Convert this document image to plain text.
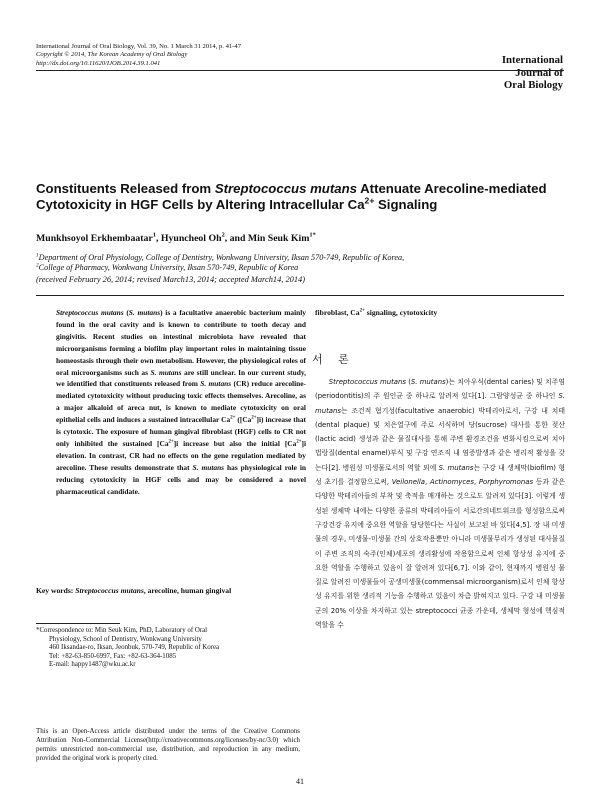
International Journal of Oral Biology, Vol. 39, No. 1 March 31 2014, p. 41-47
Copyright © 2014, The Korean Academy of Oral Biology
http://dx.doi.org/10.11620/IJOB.2014.39.1.041	International
Journal of
Oral Biology
Constituents Released from Streptococcus mutans Attenuate Arecoline-mediated Cytotoxicity in HGF Cells by Altering Intracellular $Ca^{2+}$ Signaling
Munkhsoyol Erkhembaatar$^1$, Hyuncheol Oh$^2$, and Min Seuk Kim$^{1*}$
$^1$Department of Oral Physiology, College of Dentistry, Wonkwang University, Iksan 570-749, Republic of Korea,
$^2$College of Pharmacy, Wonkwang University, Iksan 570-749, Republic of Korea
(received February 26, 2014; revised March13, 2014; accepted March14, 2014)
Streptococcus mutans (S. mutans) is a facultative anaerobic bacterium mainly found in the oral cavity and is known to contribute to tooth decay and gingivitis. Recent studies on intestinal microbiota have revealed that microorganisms forming a biofilm play important roles in maintaining tissue homeostasis through their own metabolism. However, the physiological roles of oral microorganisms such as S. mutans are still unclear. In our current study, we identified that constituents released from S. mutans (CR) reduce arecoline-mediated cytotoxicity without producing toxic effects themselves. Arecoline, as a major alkaloid of areca nut, is known to mediate cytotoxicity on oral epithelial cells and induces a sustained intracellular $Ca^{2+}$ $([Ca^{2+}]i)$ increase that is cytotoxic. The exposure of human gingival fibroblast (HGF) cells to CR not only inhibited the sustained $[Ca^{2+}]i$ increase but also the initial $[Ca^{2+}]i$ elevation. In contrast, CR had no effects on the gene regulation mediated by arecoline. These results demonstrate that S. mutans has physiological role in reducing cytotoxicity in HGF cells and may be considered a novel pharmaceutical candidate.
Key words: Streptococcus mutans, arecoline, human gingival
fibroblast, $Ca^{2+}$ signaling, cytotoxicity
*Correspondence to: Min Seuk Kim, PhD, Laboratory of Oral
Physiology, School of Dentistry, Wonkwang University
460 Iksandae-ro, Iksan, Jeonbuk, 570-749, Republic of Korea
Tel: +82-63-850-6997, Fax: +82-63-364-1085
E-mail: happy1487@wku.ac.kr
This is an Open-Access article distributed under the terms of the Creative Commons Attribution Non-Commercial License(http://creativecommons.org/licenses/by-nc/3.0) which permits unrestricted non-commercial use, distribution, and reproduction in any medium, provided the original work is properly cited.
서 론
  Streptococcus mutans (S. mutans)는 치아우식(dental caries) 및 치주염(periodontitis)의 주 원인균 중 하나로 알려져 있다[1]. 그람양성균 중 하나인 S. mutans는 조건적 혐기성(facultative anaerobic) 박테리아로서, 구강 내 치태(dental plaque) 및 치은열구에 주로 서식하며 당(sucrose) 대사를 통한 젖산(lactic acid) 생성과 같은 물질대사를 통해 주변 환경조건을 변화시킴으로써 치아법랑질(dental enamel)부식 및 구강 연조직 내 염증발생과 같은 병리적 활성을 갖는다[2]. 병원성 미생물로서의 역할 외에 S. mutans는 구강 내 생체막(biofilm) 형성 초기를 결정함으로써, Veilonella, Actinomyces, Porphyromonas 등과 같은 다양한 박테리아들의 부착 및 축적을 매개하는 것으로도 알려져 있다[3]. 이렇게 생성된 생체막 내에는 다양한 종류의 박테리아들이 서로간의네트워크를 형성함으로써 구강건강 유지에 중요한 역할을 담당한다는 사실이 보고된 바 있다[4,5]. 장 내 미생물의 경우, 미생물-미생물 간의 상호작용뿐만 아니라 미생물무리가 생성된 대사물질이 주변 조직의 숙주(인체)세포의 생리활성에 작용함으로써 인체 항상성 유지에 중요한 역할을 수행하고 있음이 잘 알려져 있다[6,7]. 이와 같이, 현재까지 병원성 물질로 알려진 미생물들이 공생미생물(commensal microorganism)로서 인체 항상성 유지를 위한 생리적 기능을 수행하고 있음이 차츰 밝혀지고 있다. 구강 내 미생물 군의 20% 이상을 차지하고 있는 streptococci 균종 가운데, 생체막 형성에 핵심적 역할을 수
41
